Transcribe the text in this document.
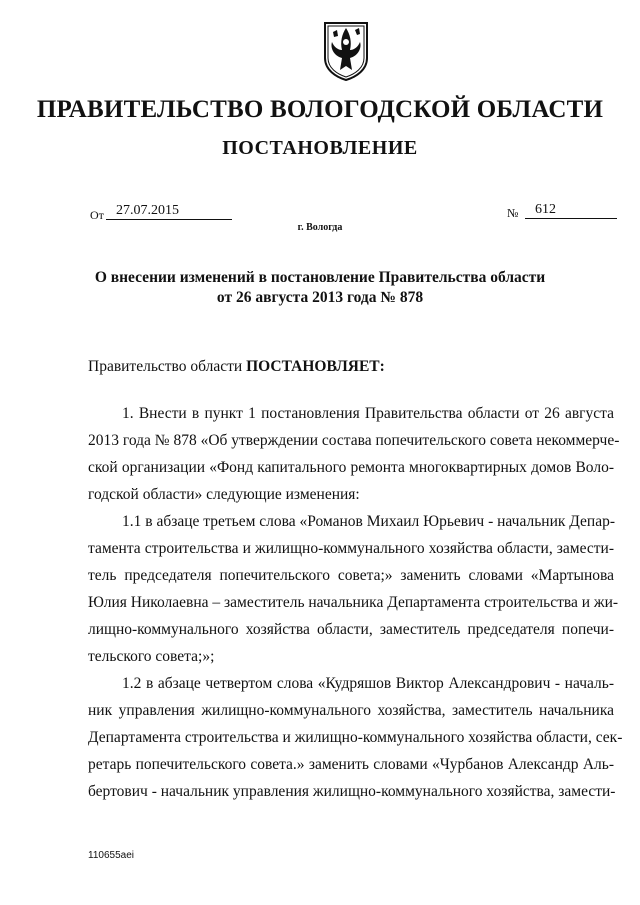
ПРАВИТЕЛЬСТВО ВОЛОГОДСКОЙ ОБЛАСТИ
ПОСТАНОВЛЕНИЕ
От 27.07.2015	№	612
г. Вологда
О внесении изменений в постановление Правительства области
от 26 августа 2013 года № 878
Правительство области ПОСТАНОВЛЯЕТ:
1. Внести в пункт 1 постановления Правительства области от 26 августа
2013 года № 878 «Об утверждении состава попечительского совета некоммерче-
ской организации «Фонд капитального ремонта многоквартирных домов Воло-
годской области» следующие изменения:
1.1 в абзаце третьем слова «Романов Михаил Юрьевич - начальник Депар-
тамента строительства и жилищно-коммунального хозяйства области, замести-
тель председателя попечительского совета;» заменить словами «Мартынова
Юлия Николаевна – заместитель начальника Департамента строительства и жи-
лищно-коммунального хозяйства области, заместитель председателя попечи-
тельского совета;»;
1.2 в абзаце четвертом слова «Кудряшов Виктор Александрович - началь-
ник управления жилищно-коммунального хозяйства, заместитель начальника
Департамента строительства и жилищно-коммунального хозяйства области, сек-
ретарь попечительского совета.» заменить словами «Чурбанов Александр Аль-
бертович - начальник управления жилищно-коммунального хозяйства, замести-
110655aei
